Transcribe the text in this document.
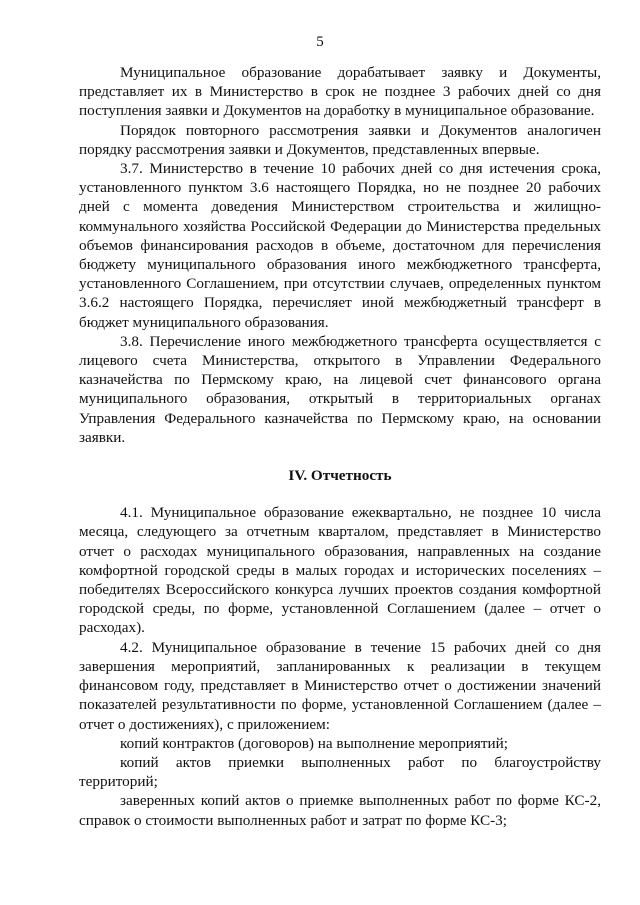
5

Муниципальное образование дорабатывает заявку и Документы, представляет их в Министерство в срок не позднее 3 рабочих дней со дня поступления заявки и Документов на доработку в муниципальное образование.

Порядок повторного рассмотрения заявки и Документов аналогичен порядку рассмотрения заявки и Документов, представленных впервые.

3.7. Министерство в течение 10 рабочих дней со дня истечения срока, установленного пунктом 3.6 настоящего Порядка, но не позднее 20 рабочих дней с момента доведения Министерством строительства и жилищно-коммунального хозяйства Российской Федерации до Министерства предельных объемов финансирования расходов в объеме, достаточном для перечисления бюджету муниципального образования иного межбюджетного трансферта, установленного Соглашением, при отсутствии случаев, определенных пунктом 3.6.2 настоящего Порядка, перечисляет иной межбюджетный трансферт в бюджет муниципального образования.

3.8. Перечисление иного межбюджетного трансферта осуществляется с лицевого счета Министерства, открытого в Управлении Федерального казначейства по Пермскому краю, на лицевой счет финансового органа муниципального образования, открытый в территориальных органах Управления Федерального казначейства по Пермскому краю, на основании заявки.

IV. Отчетность

4.1. Муниципальное образование ежеквартально, не позднее 10 числа месяца, следующего за отчетным кварталом, представляет в Министерство отчет о расходах муниципального образования, направленных на создание комфортной городской среды в малых городах и исторических поселениях – победителях Всероссийского конкурса лучших проектов создания комфортной городской среды, по форме, установленной Соглашением (далее – отчет о расходах).

4.2. Муниципальное образование в течение 15 рабочих дней со дня завершения мероприятий, запланированных к реализации в текущем финансовом году, представляет в Министерство отчет о достижении значений показателей результативности по форме, установленной Соглашением (далее – отчет о достижениях), с приложением:

копий контрактов (договоров) на выполнение мероприятий;

копий актов приемки выполненных работ по благоустройству территорий;

заверенных копий актов о приемке выполненных работ по форме КС-2, справок о стоимости выполненных работ и затрат по форме КС-3;
